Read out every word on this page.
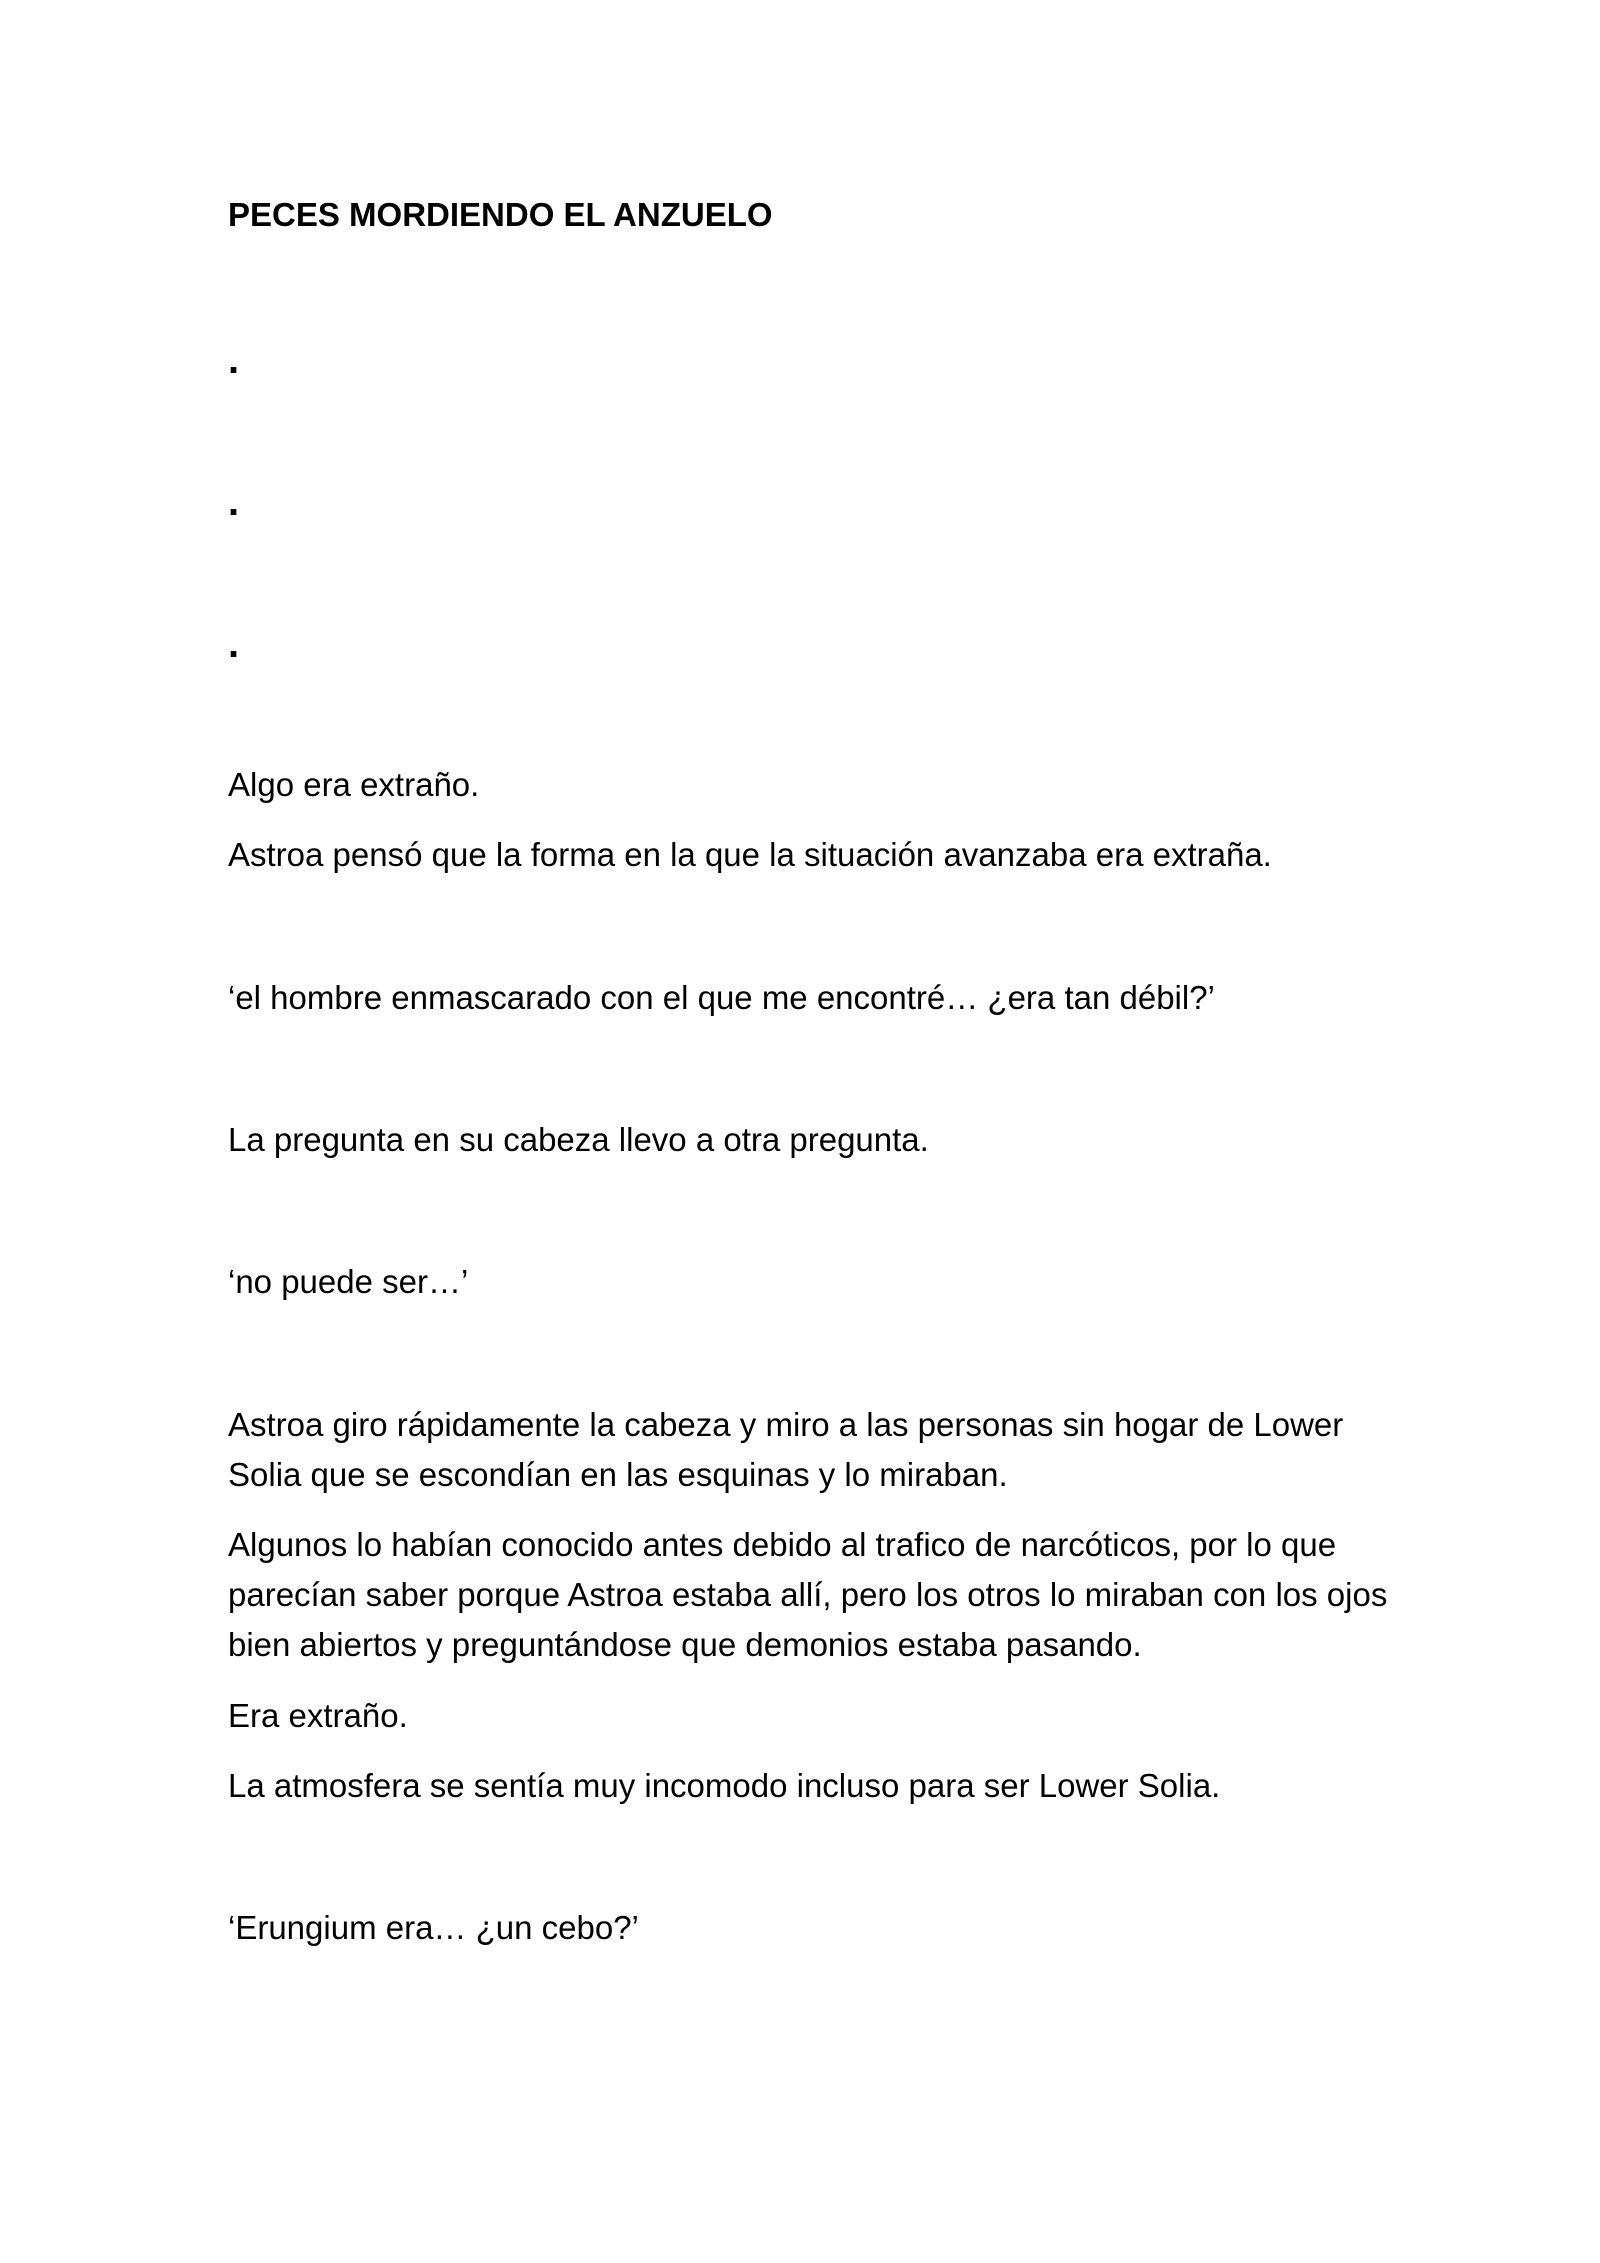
PECES MORDIENDO EL ANZUELO

.

.

.

Algo era extraño.

Astroa pensó que la forma en la que la situación avanzaba era extraña.

‘el hombre enmascarado con el que me encontré… ¿era tan débil?’

La pregunta en su cabeza llevo a otra pregunta.

‘no puede ser…’

Astroa giro rápidamente la cabeza y miro a las personas sin hogar de Lower Solia que se escondían en las esquinas y lo miraban.

Algunos lo habían conocido antes debido al trafico de narcóticos, por lo que parecían saber porque Astroa estaba allí, pero los otros lo miraban con los ojos bien abiertos y preguntándose que demonios estaba pasando.

Era extraño.

La atmosfera se sentía muy incomodo incluso para ser Lower Solia.

‘Erungium era… ¿un cebo?’
